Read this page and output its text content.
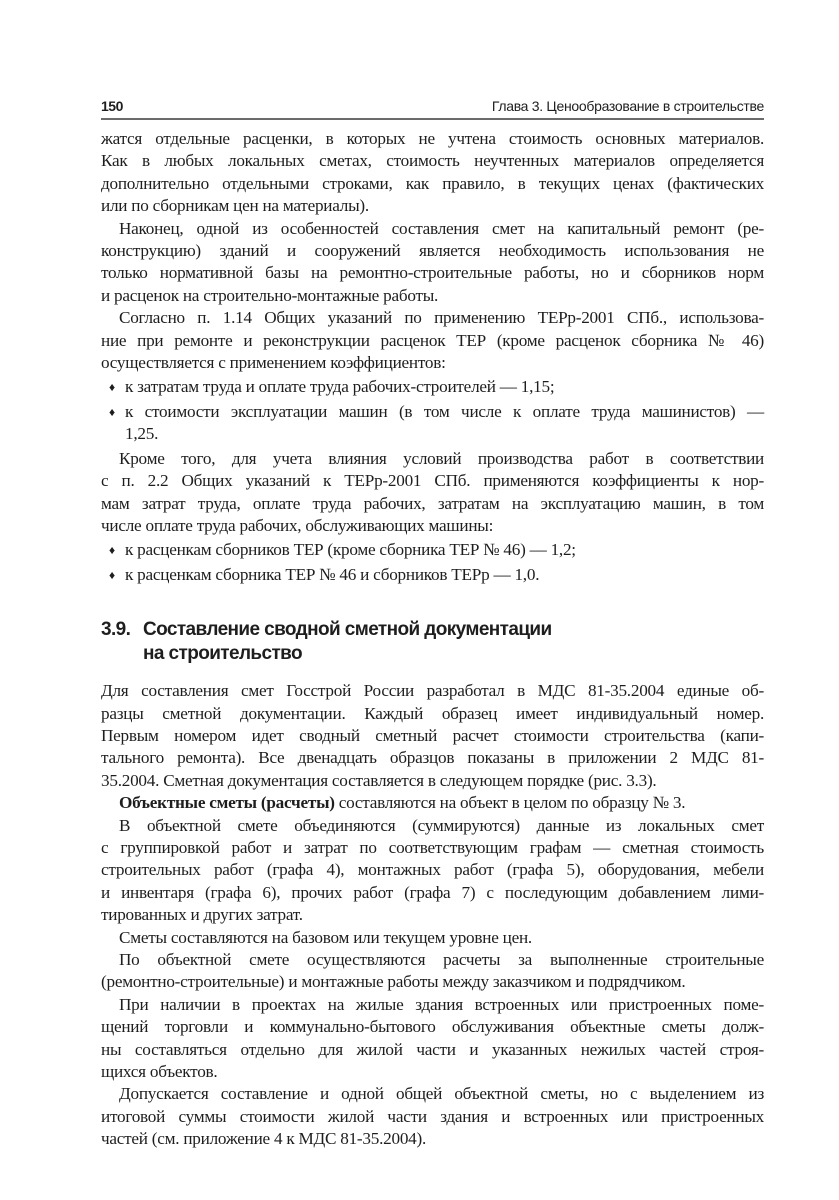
150	Глава 3. Ценообразование в строительстве

жатся отдельные расценки, в которых не учтена стоимость основных материалов.
Как в любых локальных сметах, стоимость неучтенных материалов определяется
дополнительно отдельными строками, как правило, в текущих ценах (фактических
или по сборникам цен на материалы).

Наконец, одной из особенностей составления смет на капитальный ремонт (ре-
конструкцию) зданий и сооружений является необходимость использования не
только нормативной базы на ремонтно-строительные работы, но и сборников норм
и расценок на строительно-монтажные работы.

Согласно п. 1.14 Общих указаний по применению ТЕРр-2001 СПб., использова-
ние при ремонте и реконструкции расценок ТЕР (кроме расценок сборника № 46)
осуществляется с применением коэффициентов:

♦ к затратам труда и оплате труда рабочих-строителей — 1,15;
♦ к стоимости эксплуатации машин (в том числе к оплате труда машинистов) —
1,25.

Кроме того, для учета влияния условий производства работ в соответствии
с п. 2.2 Общих указаний к ТЕРр-2001 СПб. применяются коэффициенты к нор-
мам затрат труда, оплате труда рабочих, затратам на эксплуатацию машин, в том
числе оплате труда рабочих, обслуживающих машины:

♦ к расценкам сборников ТЕР (кроме сборника ТЕР № 46) — 1,2;
♦ к расценкам сборника ТЕР № 46 и сборников ТЕРр — 1,0.
3.9. Составление сводной сметной документации
на строительство

Для составления смет Госстрой России разработал в МДС 81-35.2004 единые об-
разцы сметной документации. Каждый образец имеет индивидуальный номер.
Первым номером идет сводный сметный расчет стоимости строительства (капи-
тального ремонта). Все двенадцать образцов показаны в приложении 2 МДС 81-
35.2004. Сметная документация составляется в следующем порядке (рис. 3.3).

Объектные сметы (расчеты) составляются на объект в целом по образцу № 3.

В объектной смете объединяются (суммируются) данные из локальных смет
с группировкой работ и затрат по соответствующим графам — сметная стоимость
строительных работ (графа 4), монтажных работ (графа 5), оборудования, мебели
и инвентаря (графа 6), прочих работ (графа 7) с последующим добавлением лими-
тированных и других затрат.

Сметы составляются на базовом или текущем уровне цен.

По объектной смете осуществляются расчеты за выполненные строительные
(ремонтно-строительные) и монтажные работы между заказчиком и подрядчиком.

При наличии в проектах на жилые здания встроенных или пристроенных поме-
щений торговли и коммунально-бытового обслуживания объектные сметы долж-
ны составляться отдельно для жилой части и указанных нежилых частей строя-
щихся объектов.

Допускается составление и одной общей объектной сметы, но с выделением из
итоговой суммы стоимости жилой части здания и встроенных или пристроенных
частей (см. приложение 4 к МДС 81-35.2004).
